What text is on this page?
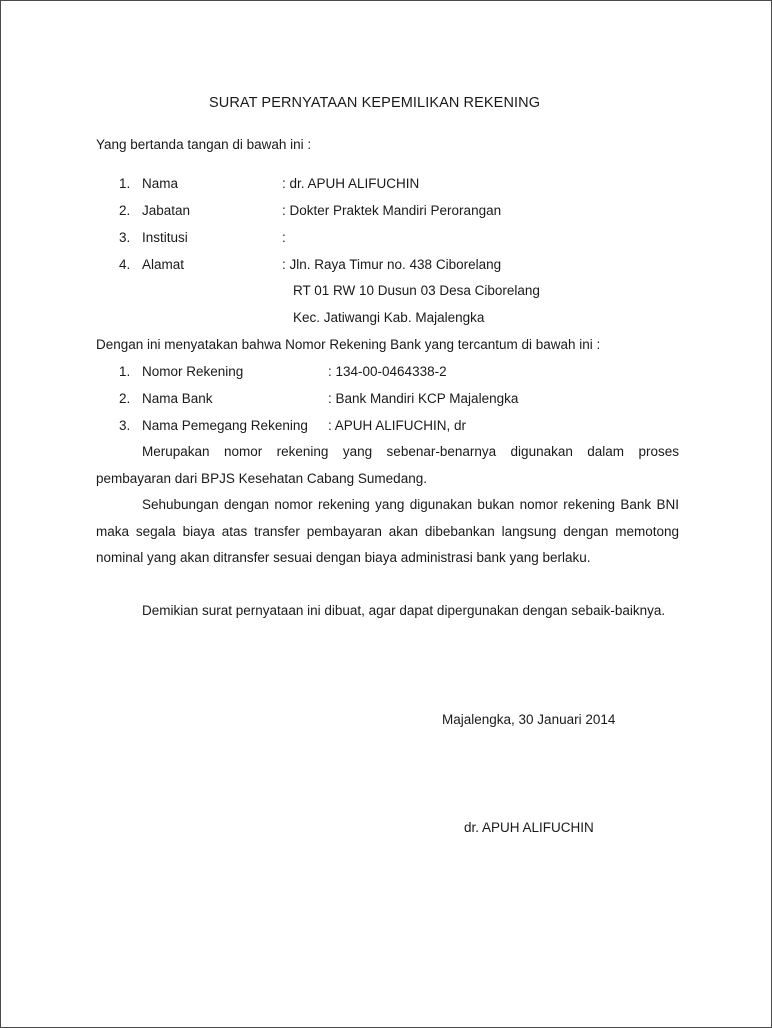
SURAT PERNYATAAN KEPEMILIKAN REKENING
Yang bertanda tangan di bawah ini :
1. Nama	: dr. APUH ALIFUCHIN
2. Jabatan	: Dokter Praktek Mandiri Perorangan
3. Institusi	:
4. Alamat	: Jln. Raya Timur no. 438 Ciborelang
RT 01 RW 10 Dusun 03 Desa Ciborelang
Kec. Jatiwangi Kab. Majalengka
Dengan ini menyatakan bahwa Nomor Rekening Bank yang tercantum di bawah ini :
1. Nomor Rekening	: 134-00-0464338-2
2. Nama Bank	: Bank Mandiri KCP Majalengka
3. Nama Pemegang Rekening : APUH ALIFUCHIN, dr

Merupakan nomor rekening yang sebenar-benarnya digunakan dalam proses pembayaran dari BPJS Kesehatan Cabang Sumedang.

Sehubungan dengan nomor rekening yang digunakan bukan nomor rekening Bank BNI maka segala biaya atas transfer pembayaran akan dibebankan langsung dengan memotong nominal yang akan ditransfer sesuai dengan biaya administrasi bank yang berlaku.

Demikian surat pernyataan ini dibuat, agar dapat dipergunakan dengan sebaik-baiknya.

Majalengka, 30 Januari 2014
dr. APUH ALIFUCHIN
